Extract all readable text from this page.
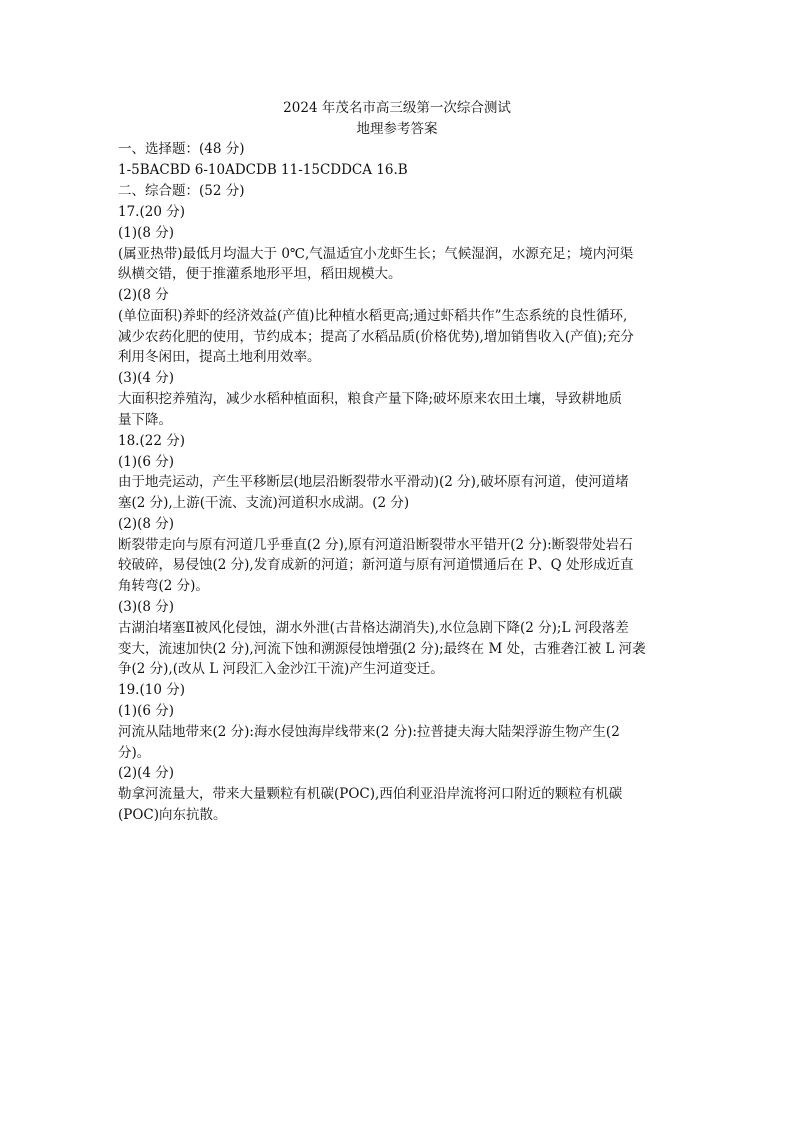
2024 年茂名市高三级第一次综合测试
地理参考答案
一、选择题：(48 分)
1-5BACBD 6-10ADCDB 11-15CDDCA 16.B
二、综合题：(52 分)
17.(20 分)
(1)(8 分)
(属亚热带)最低月均温大于 0℃,气温适宜小龙虾生长；气候湿润，水源充足；境内河渠
纵横交错，便于推灌系地形平坦，稻田规模大。
(2)(8 分
(单位面积)养虾的经济效益(产值)比种植水稻更高;通过虾稻共作”生态系统的良性循环,
减少农药化肥的使用，节约成本；提高了水稻品质(价格优势),增加销售收入(产值);充分
利用冬闲田，提高土地利用效率。
(3)(4 分)
大面积挖养殖沟，减少水稻种植面积，粮食产量下降;破坏原来农田土壤，导致耕地质
量下降。
18.(22 分)
(1)(6 分)
由于地壳运动，产生平移断层(地层沿断裂带水平滑动)(2 分),破坏原有河道，使河道堵
塞(2 分),上游(干流、支流)河道积水成湖。(2 分)
(2)(8 分)
断裂带走向与原有河道几乎垂直(2 分),原有河道沿断裂带水平错开(2 分):断裂带处岩石
较破碎，易侵蚀(2 分),发育成新的河道；新河道与原有河道惯通后在 P、Q 处形成近直
角转弯(2 分)。
(3)(8 分)
古湖泊堵塞Ⅱ被风化侵蚀，湖水外泄(古昔格达湖消失),水位急剧下降(2 分);L 河段落差
变大，流速加快(2 分),河流下蚀和溯源侵蚀增强(2 分);最终在 M 处，古雅砻江被 L 河袭
争(2 分),(改从 L 河段汇入金沙江干流)产生河道变迁。
19.(10 分)
(1)(6 分)
河流从陆地带来(2 分):海水侵蚀海岸线带来(2 分):拉普捷夫海大陆架浮游生物产生(2
分)。
(2)(4 分)
勒拿河流量大，带来大量颗粒有机碳(POC),西伯利亚沿岸流将河口附近的颗粒有机碳
(POC)向东抗散。
